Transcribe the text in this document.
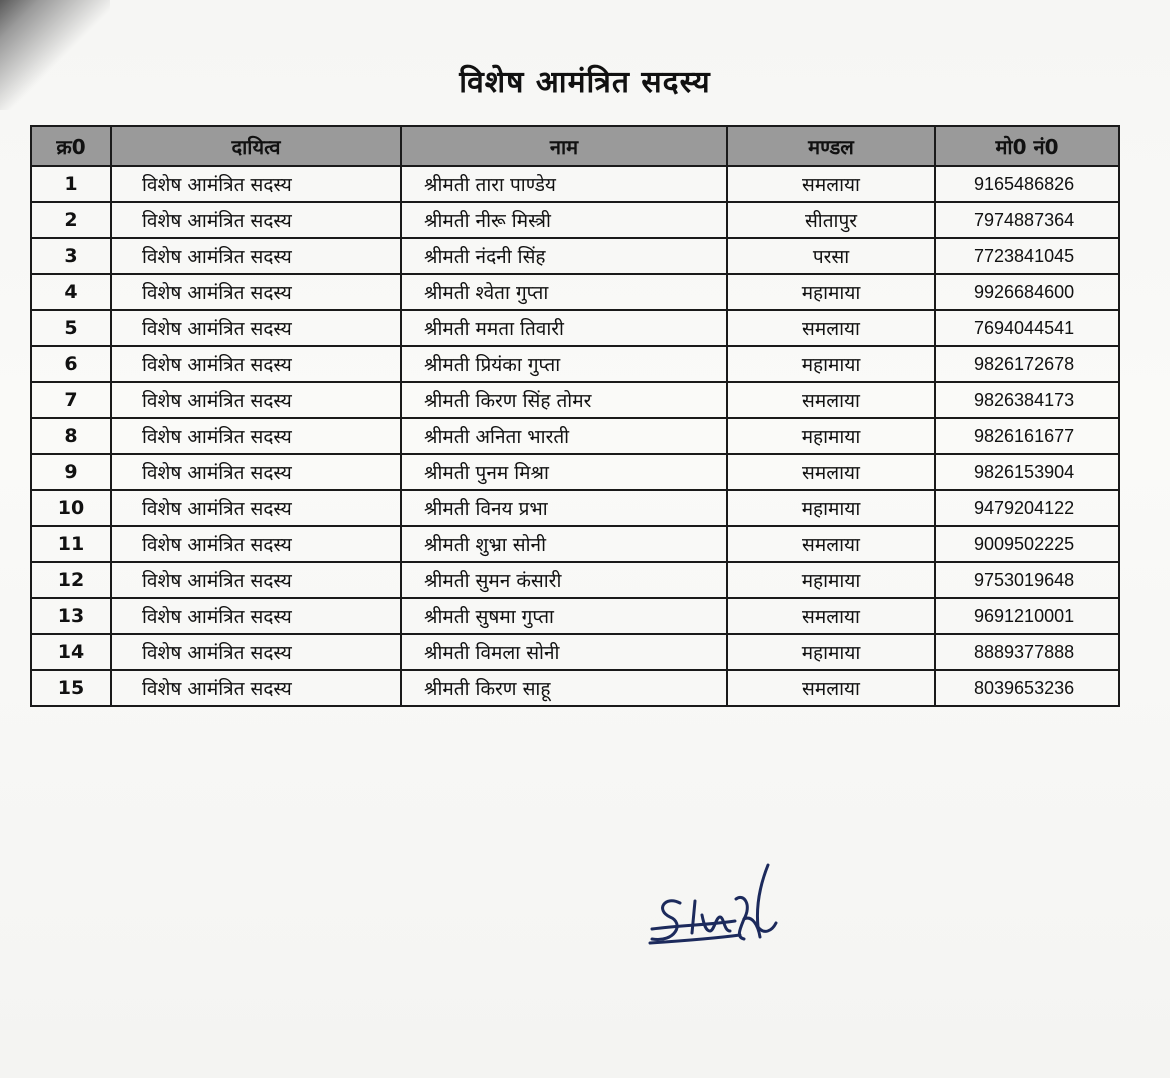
विशेष आमंत्रित सदस्य
क्र0	दायित्व	नाम	मण्डल	मो0 नं0
1	विशेष आमंत्रित सदस्य	श्रीमती तारा पाण्डेय	समलाया	9165486826
2	विशेष आमंत्रित सदस्य	श्रीमती नीरू मिस्त्री	सीतापुर	7974887364
3	विशेष आमंत्रित सदस्य	श्रीमती नंदनी सिंह	परसा	7723841045
4	विशेष आमंत्रित सदस्य	श्रीमती श्वेता गुप्ता	महामाया	9926684600
5	विशेष आमंत्रित सदस्य	श्रीमती ममता तिवारी	समलाया	7694044541
6	विशेष आमंत्रित सदस्य	श्रीमती प्रियंका गुप्ता	महामाया	9826172678
7	विशेष आमंत्रित सदस्य	श्रीमती किरण सिंह तोमर	समलाया	9826384173
8	विशेष आमंत्रित सदस्य	श्रीमती अनिता भारती	महामाया	9826161677
9	विशेष आमंत्रित सदस्य	श्रीमती पुनम मिश्रा	समलाया	9826153904
10	विशेष आमंत्रित सदस्य	श्रीमती विनय प्रभा	महामाया	9479204122
11	विशेष आमंत्रित सदस्य	श्रीमती शुभ्रा सोनी	समलाया	9009502225
12	विशेष आमंत्रित सदस्य	श्रीमती सुमन कंसारी	महामाया	9753019648
13	विशेष आमंत्रित सदस्य	श्रीमती सुषमा गुप्ता	समलाया	9691210001
14	विशेष आमंत्रित सदस्य	श्रीमती विमला सोनी	महामाया	8889377888
15	विशेष आमंत्रित सदस्य	श्रीमती किरण साहू	समलाया	8039653236
